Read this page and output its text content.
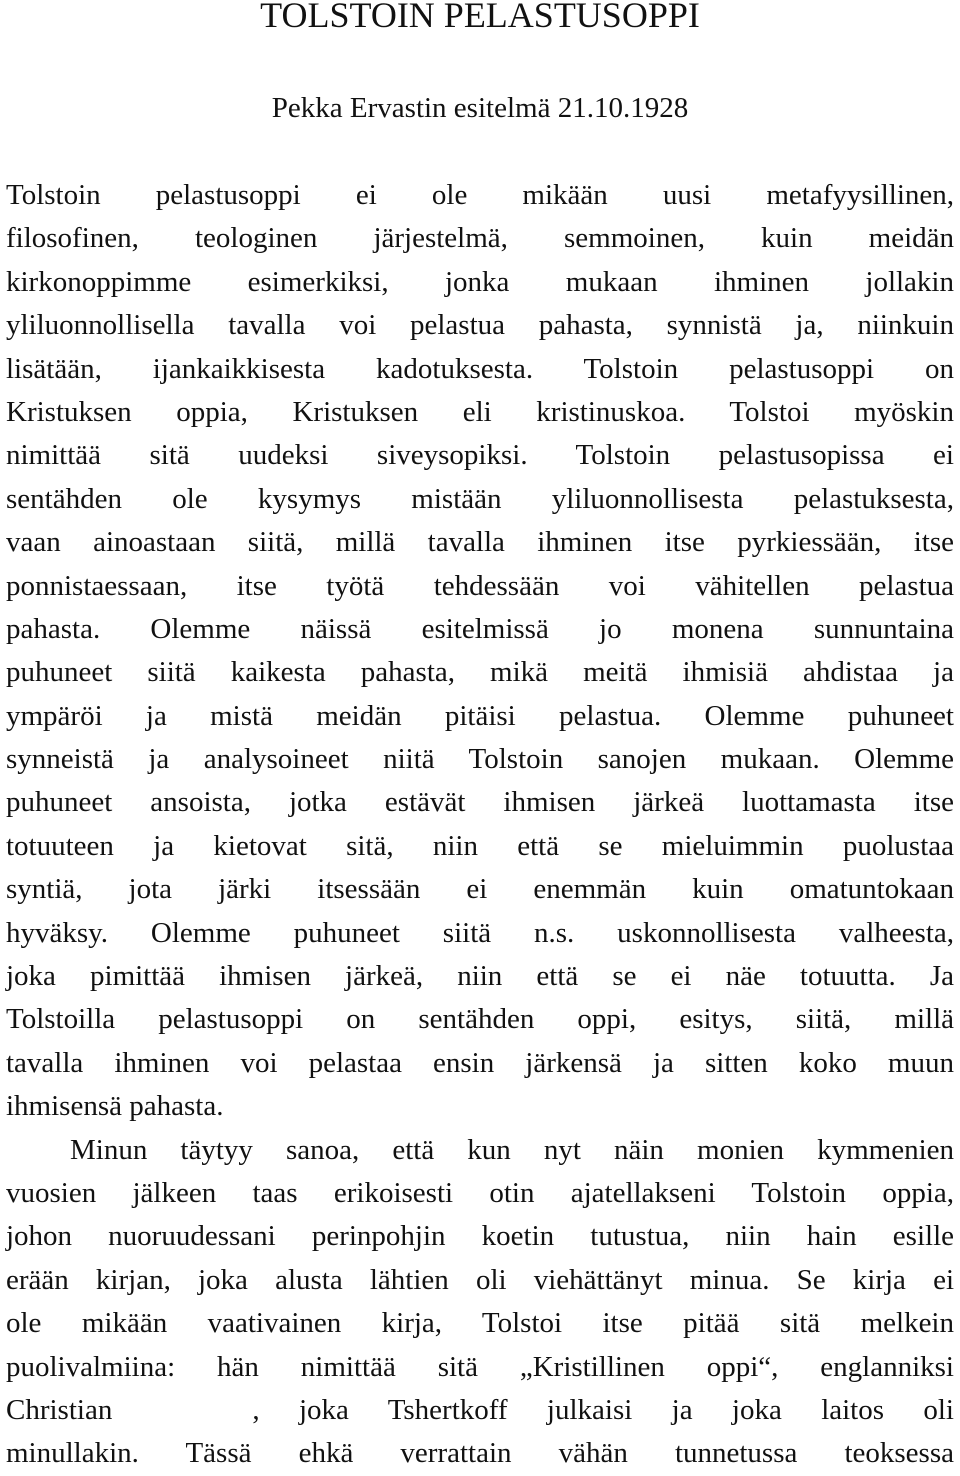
TOLSTOIN PELASTUSOPPI
Pekka Ervastin esitelmä 21.10.1928
Tolstoin pelastusoppi ei ole mikään uusi metafyysillinen,
filosofinen, teologinen järjestelmä, semmoinen, kuin meidän
kirkonoppimme esimerkiksi, jonka mukaan ihminen jollakin
yliluonnollisella tavalla voi pelastua pahasta, synnistä ja, niinkuin
lisätään, ijankaikkisesta kadotuksesta. Tolstoin pelastusoppi on
Kristuksen oppia, Kristuksen eli kristinuskoa. Tolstoi myöskin
nimittää sitä uudeksi siveysopiksi. Tolstoin pelastusopissa ei
sentähden ole kysymys mistään yliluonnollisesta pelastuksesta,
vaan ainoastaan siitä, millä tavalla ihminen itse pyrkiessään, itse
ponnistaessaan, itse työtä tehdessään voi vähitellen pelastua
pahasta. Olemme näissä esitelmissä jo monena sunnuntaina
puhuneet siitä kaikesta pahasta, mikä meitä ihmisiä ahdistaa ja
ympäröi ja mistä meidän pitäisi pelastua. Olemme puhuneet
synneistä ja analysoineet niitä Tolstoin sanojen mukaan. Olemme
puhuneet ansoista, jotka estävät ihmisen järkeä luottamasta itse
totuuteen ja kietovat sitä, niin että se mieluimmin puolustaa
syntiä, jota järki itsessään ei enemmän kuin omatuntokaan
hyväksy. Olemme puhuneet siitä n.s. uskonnollisesta valheesta,
joka pimittää ihmisen järkeä, niin että se ei näe totuutta. Ja
Tolstoilla pelastusoppi on sentähden oppi, esitys, siitä, millä
tavalla ihminen voi pelastaa ensin järkensä ja sitten koko muun
ihmisensä pahasta.
Minun täytyy sanoa, että kun nyt näin monien kymmenien
vuosien jälkeen taas erikoisesti otin ajatellakseni Tolstoin oppia,
johon nuoruudessani perinpohjin koetin tutustua, niin hain esille
erään kirjan, joka alusta lähtien oli viehättänyt minua. Se kirja ei
ole mikään vaativainen kirja, Tolstoi itse pitää sitä melkein
puolivalmiina: hän nimittää sitä „Kristillinen oppi“, englanniksi
Christian	, joka Tshertkoff julkaisi ja joka laitos oli
minullakin. Tässä ehkä verrattain vähän tunnetussa teoksessa
